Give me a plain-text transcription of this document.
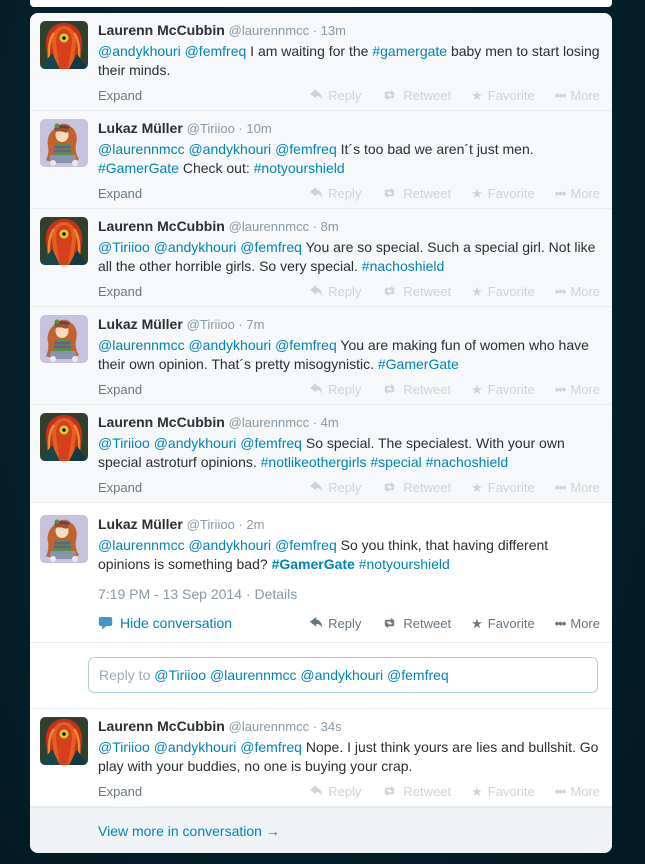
Laurenn McCubbin @laurennmcc · 13m

@andykhouri @femfreq I am waiting for the #gamergate baby men to start losing their minds.

Expand	Reply	Retweet ★ Favorite ••• More
Lukaz Müller @Tiriioo · 10m

@laurennmcc @andykhouri @femfreq It´s too bad we aren´t just men. #GamerGate Check out: #notyourshield

Expand	Reply	Retweet ★ Favorite ••• More
Laurenn McCubbin @laurennmcc · 8m

@Tiriioo @andykhouri @femfreq You are so special. Such a special girl. Not like all the other horrible girls. So very special. #nachoshield

Expand	Reply	Retweet ★ Favorite ••• More
Lukaz Müller @Tiriioo · 7m

@laurennmcc @andykhouri @femfreq You are making fun of women who have their own opinion. That´s pretty misogynistic. #GamerGate

Expand	Reply	Retweet ★ Favorite ••• More
Laurenn McCubbin @laurennmcc · 4m

@Tiriioo @andykhouri @femfreq So special. The specialest. With your own special astroturf opinions. #notlikeothergirls #special #nachoshield

Expand	Reply	Retweet ★ Favorite ••• More
Lukaz Müller @Tiriioo · 2m

@laurennmcc @andykhouri @femfreq So you think, that having different opinions is something bad? #GamerGate #notyourshield

7:19 PM - 13 Sep 2014 · Details
Hide conversation	Reply	Retweet ★ Favorite ••• More
Reply to @Tiriioo @laurennmcc @andykhouri @femfreq
Laurenn McCubbin @laurennmcc · 34s

@Tiriioo @andykhouri @femfreq Nope. I just think yours are lies and bullshit. Go play with your buddies, no one is buying your crap.

Expand	Reply	Retweet ★ Favorite ••• More
View more in conversation →
